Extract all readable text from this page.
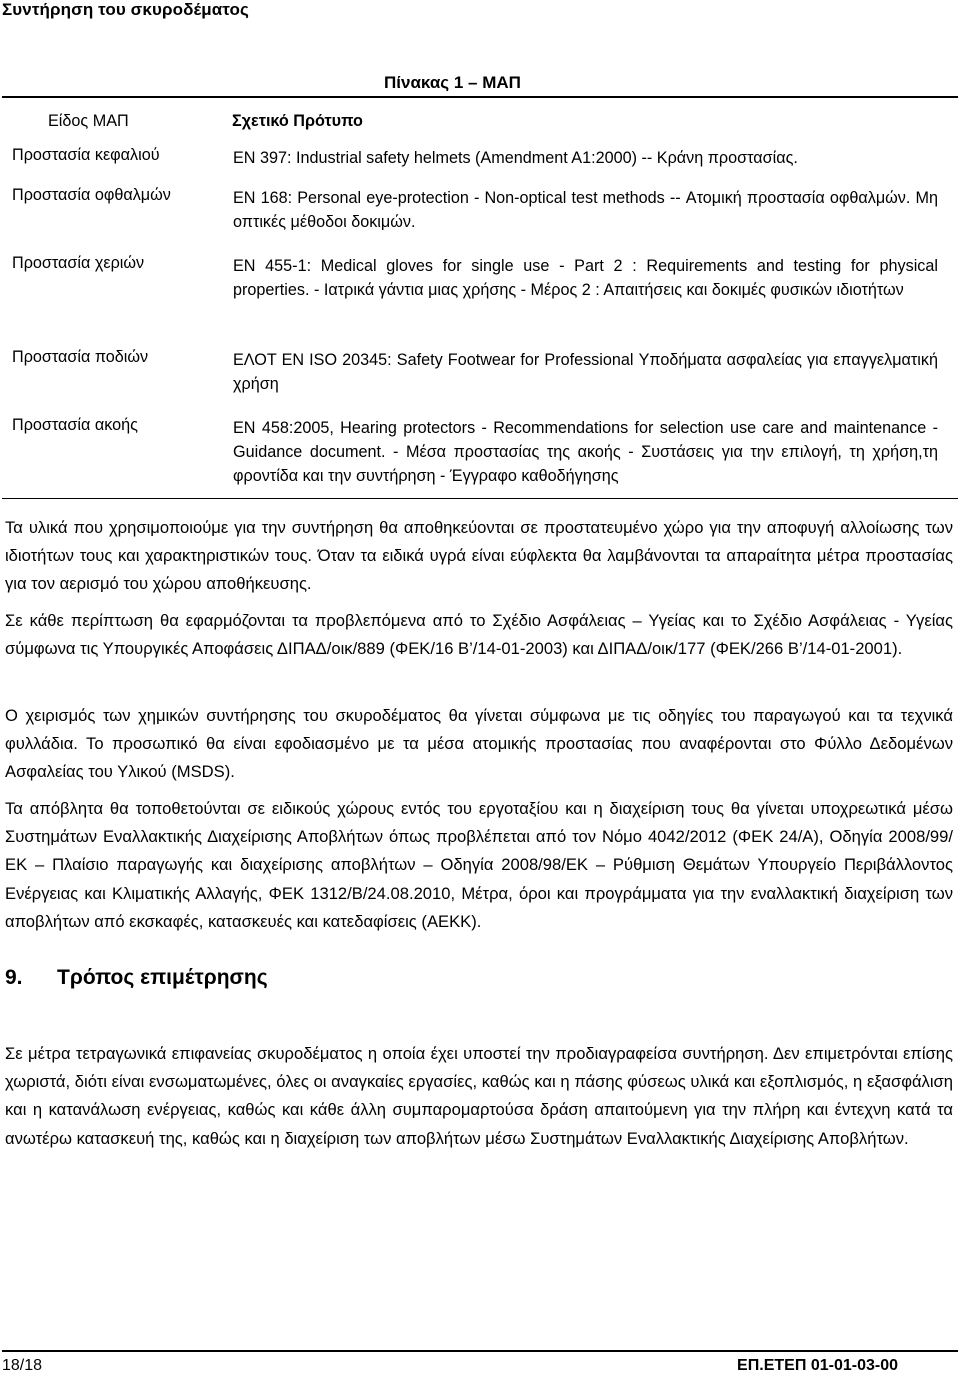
Συντήρηση του σκυροδέματος
Πίνακας 1 – ΜΑΠ
Είδος ΜΑΠ	Σχετικό Πρότυπο
Προστασία κεφαλιού	EN 397: Industrial safety helmets (Amendment A1:2000) -- Κράνη προστασίας.
Προστασία οφθαλμών	EN 168: Personal eye-protection - Non-optical test methods -- Ατομική προστασία οφθαλμών. Μη οπτικές μέθοδοι δοκιμών.
Προστασία χεριών	EN 455-1: Medical gloves for single use - Part 2 : Requirements and testing for physical properties. - Ιατρικά γάντια μιας χρήσης - Μέρος 2 : Απαιτήσεις και δοκιμές φυσικών ιδιοτήτων
Προστασία ποδιών	ΕΛΟΤ EN ISO 20345: Safety Footwear for Professional Υποδήματα ασφαλείας για επαγγελματική χρήση
Προστασία ακοής	EN 458:2005, Hearing protectors - Recommendations for selection use care and maintenance - Guidance document. - Μέσα προστασίας της ακοής - Συστάσεις για την επιλογή, τη χρήση,τη φροντίδα και την συντήρηση - Έγγραφο καθοδήγησης
Τα υλικά που χρησιμοποιούμε για την συντήρηση θα αποθηκεύονται σε προστατευμένο χώρο για την αποφυγή αλλοίωσης των ιδιοτήτων τους και χαρακτηριστικών τους. Όταν τα ειδικά υγρά είναι εύφλεκτα θα λαμβάνονται τα απαραίτητα μέτρα προστασίας για τον αερισμό του χώρου αποθήκευσης.
Σε κάθε περίπτωση θα εφαρμόζονται τα προβλεπόμενα από το Σχέδιο Ασφάλειας – Υγείας και το Σχέδιο Ασφάλειας - Υγείας σύμφωνα τις Υπουργικές Αποφάσεις ΔΙΠΑΔ/οικ/889 (ΦΕΚ/16 Β’/14-01-2003) και ΔΙΠΑΔ/οικ/177 (ΦΕΚ/266 Β’/14-01-2001).
Ο χειρισμός των χημικών συντήρησης του σκυροδέματος θα γίνεται σύμφωνα με τις οδηγίες του παραγωγού και τα τεχνικά φυλλάδια. Το προσωπικό θα είναι εφοδιασμένο με τα μέσα ατομικής προστασίας που αναφέρονται στο Φύλλο Δεδομένων Ασφαλείας του Υλικού (MSDS).
Τα απόβλητα θα τοποθετούνται σε ειδικούς χώρους εντός του εργοταξίου και η διαχείριση τους θα γίνεται υποχρεωτικά μέσω Συστημάτων Εναλλακτικής Διαχείρισης Αποβλήτων όπως προβλέπεται από τον Νόμο 4042/2012 (ΦΕΚ 24/Α), Οδηγία 2008/99/ΕΚ – Πλαίσιο παραγωγής και διαχείρισης αποβλήτων – Οδηγία 2008/98/ΕΚ – Ρύθμιση Θεμάτων Υπουργείο Περιβάλλοντος Ενέργειας και Κλιματικής Αλλαγής, ΦΕΚ 1312/Β/24.08.2010, Μέτρα, όροι και προγράμματα για την εναλλακτική διαχείριση των αποβλήτων από εκσκαφές, κατασκευές και κατεδαφίσεις (ΑΕΚΚ).
9. Τρόπος επιμέτρησης
Σε μέτρα τετραγωνικά επιφανείας σκυροδέματος η οποία έχει υποστεί την προδιαγραφείσα συντήρηση. Δεν επιμετρόνται επίσης χωριστά, διότι είναι ενσωματωμένες, όλες οι αναγκαίες εργασίες, καθώς και η πάσης φύσεως υλικά και εξοπλισμός, η εξασφάλιση και η κατανάλωση ενέργειας, καθώς και κάθε άλλη συμπαρομαρτούσα δράση απαιτούμενη για την πλήρη και έντεχνη κατά τα ανωτέρω κατασκευή της, καθώς και η διαχείριση των αποβλήτων μέσω Συστημάτων Εναλλακτικής Διαχείρισης Αποβλήτων.
18/18	ΕΠ.ΕΤΕΠ 01-01-03-00
